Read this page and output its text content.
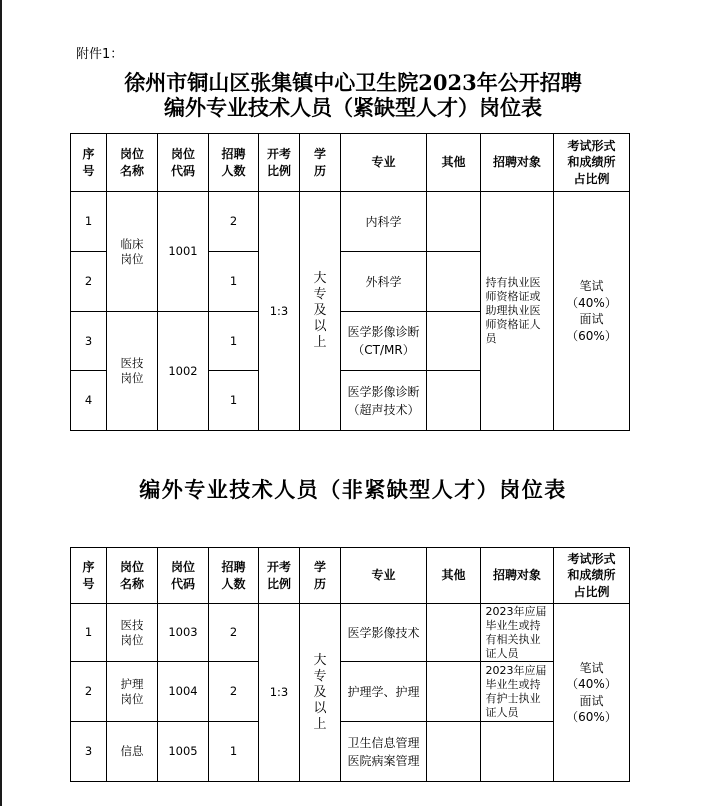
附件1：
徐州市铜山区张集镇中心卫生院2023年公开招聘
编外专业技术人员（紧缺型人才）岗位表
序号	岗位名称	岗位代码	招聘人数	开考比例	学历	专业	其他	招聘对象	考试形式和成绩所占比例
1	临床岗位	1001	2	1:3	大专及以上	内科学		持有执业医师资格证或助理执业医师资格证人员	笔试
（40%）
面试
（60%）

2			1			外科学			
3	医技岗位	1002	1			医学影像诊断（CT/MR）			
4			1			医学影像诊断（超声技术）			
编外专业技术人员（非紧缺型人才）岗位表
序号	岗位名称	岗位代码	招聘人数	开考比例	学历	专业	其他	招聘对象	考试形式和成绩所占比例
1	医技岗位	1003	2	1:3	大专及以上	医学影像技术		2023年应届毕业生或持有相关执业证人员	笔试
（40%）
面试
（60%）

2	护理岗位	1004	2			护理学、护理		2023年应届毕业生或持有护士执业证人员	
3	信息	1005	1			卫生信息管理医院病案管理			
